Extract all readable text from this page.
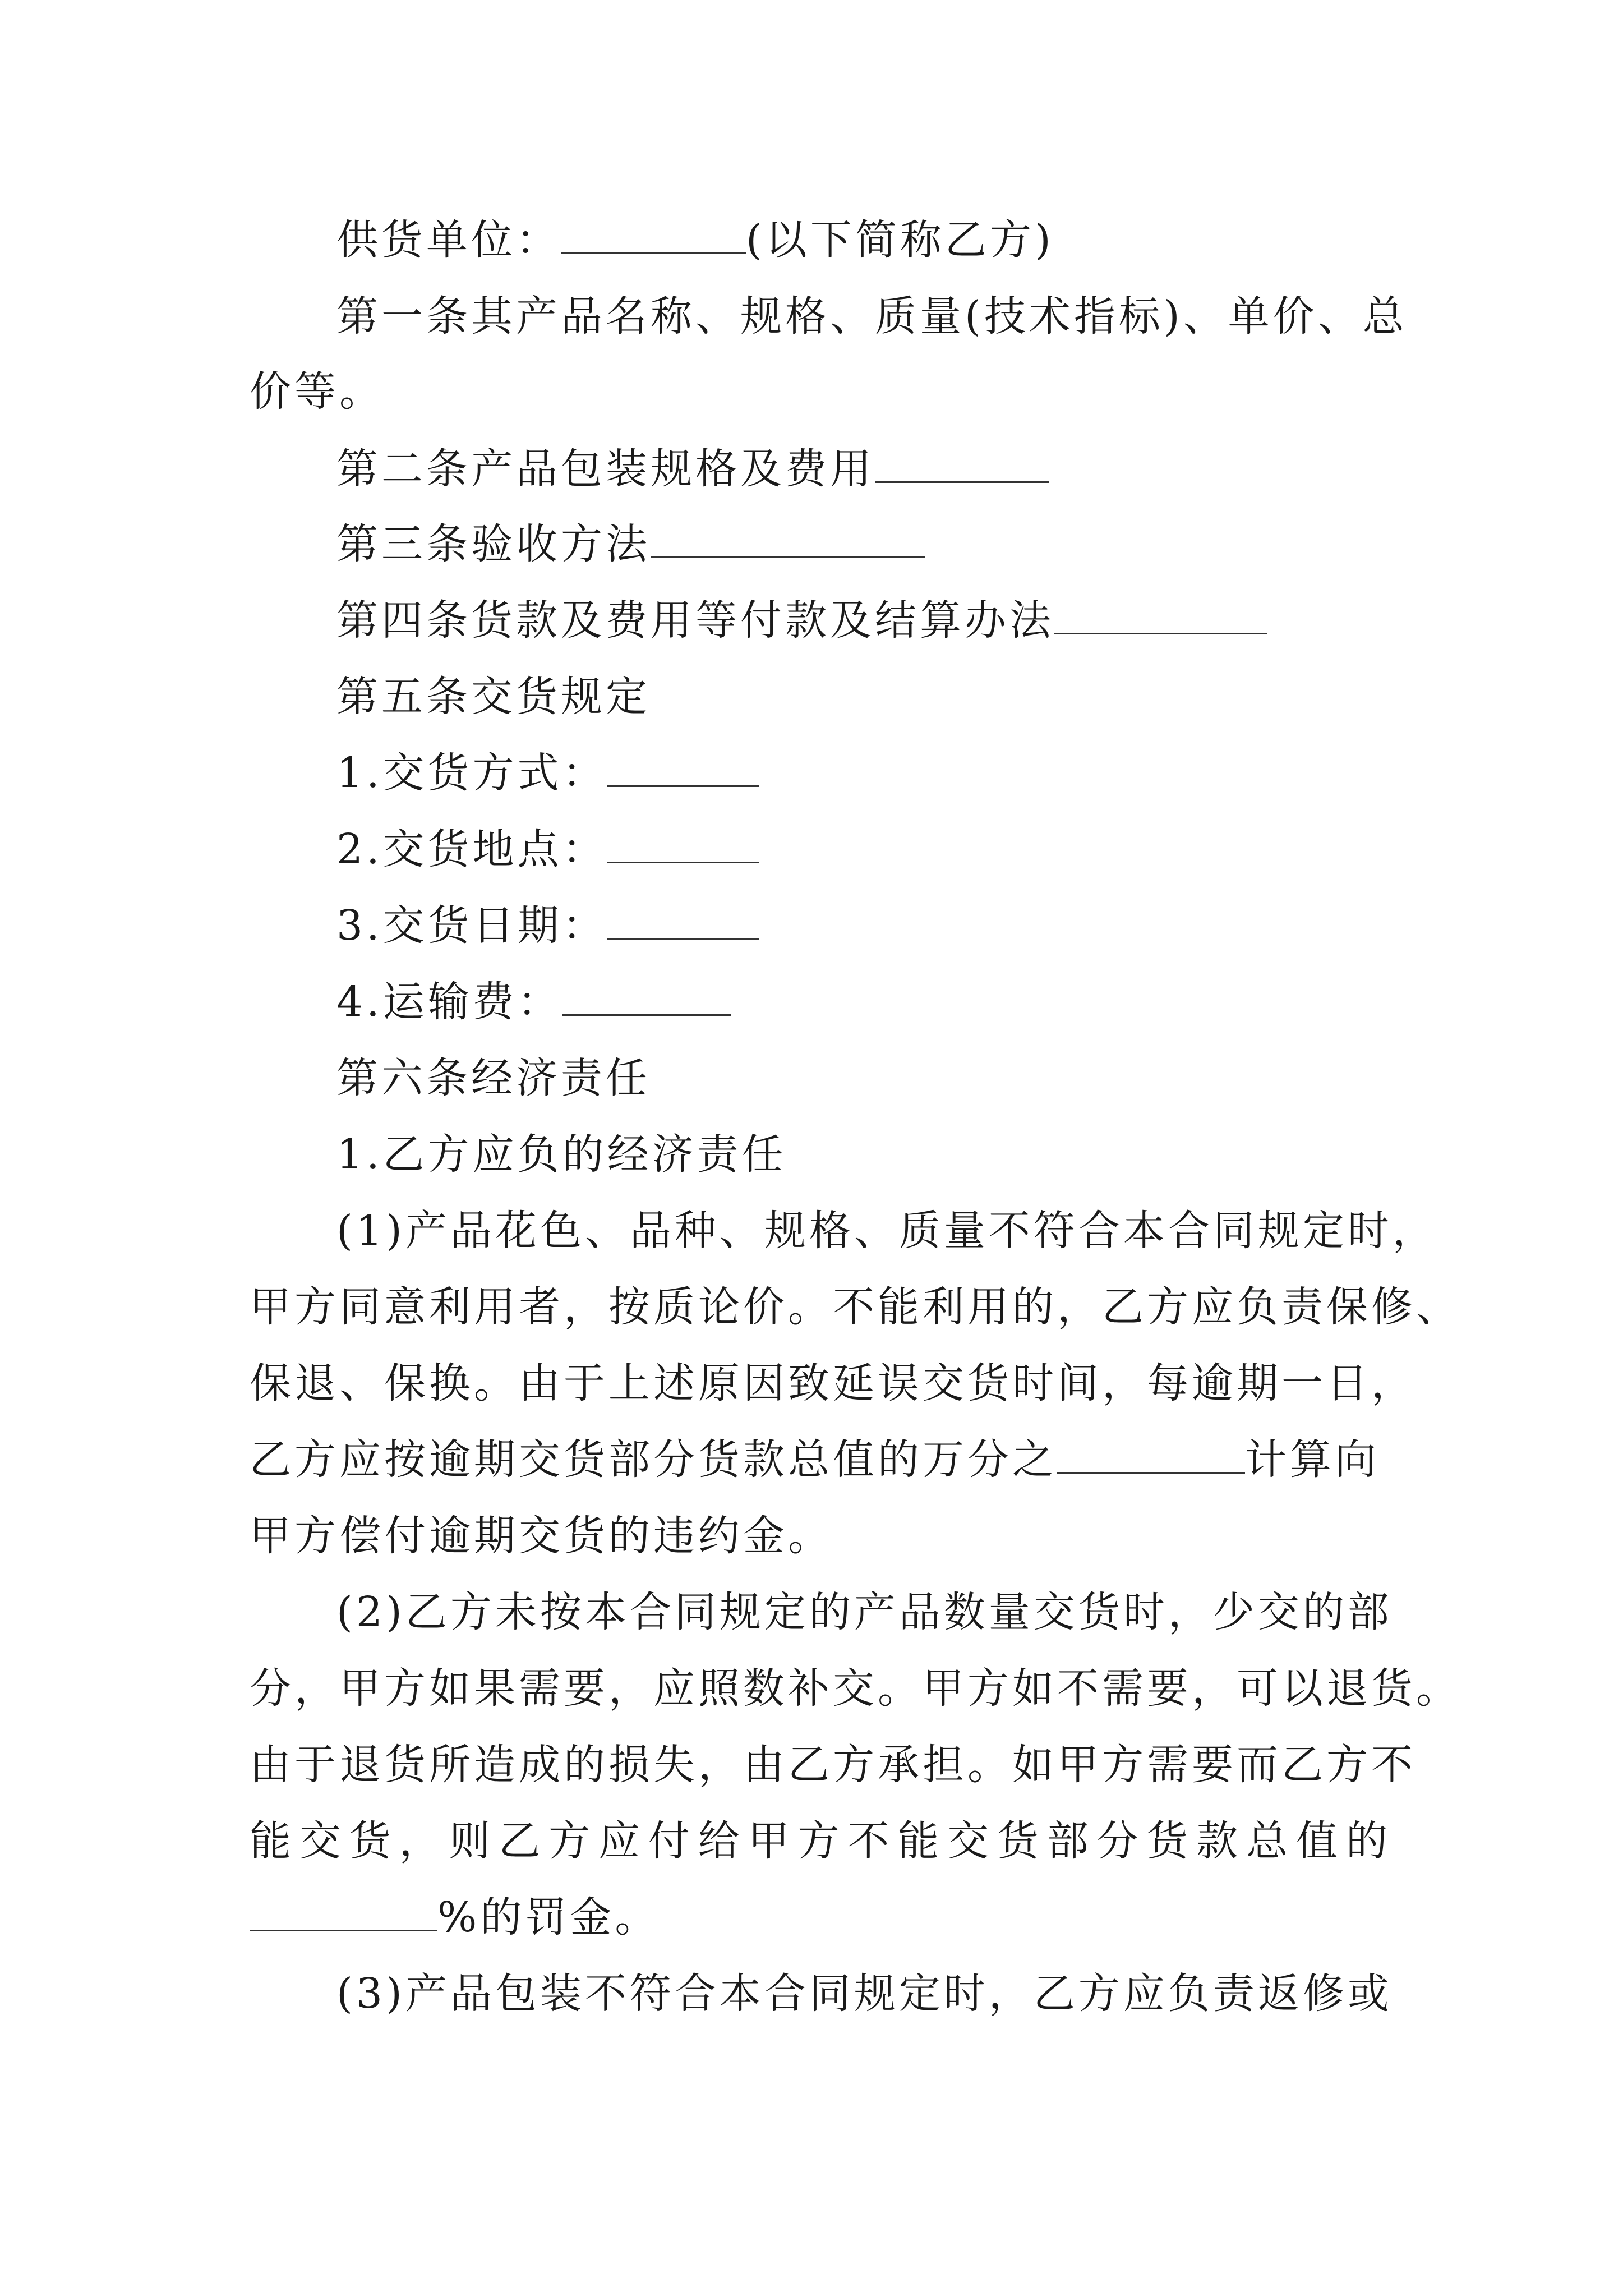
供货单位：	(以下简称乙方)
第一条其产品名称、规格、质量(技术指标)、单价、总
价等。
第二条产品包装规格及费用
第三条验收方法
第四条货款及费用等付款及结算办法
第五条交货规定
1.交货方式：
2.交货地点：
3.交货日期：
4.运输费：
第六条经济责任
1.乙方应负的经济责任
(1)产品花色、品种、规格、质量不符合本合同规定时，
甲方同意利用者，按质论价。不能利用的，乙方应负责保修、
保退、保换。由于上述原因致延误交货时间，每逾期一日，
乙方应按逾期交货部分货款总值的万分之	计算向
甲方偿付逾期交货的违约金。
(2)乙方未按本合同规定的产品数量交货时，少交的部
分，甲方如果需要，应照数补交。甲方如不需要，可以退货。
由于退货所造成的损失，由乙方承担。如甲方需要而乙方不
能交货，则乙方应付给甲方不能交货部分货款总值的
%的罚金。
(3)产品包装不符合本合同规定时，乙方应负责返修或
